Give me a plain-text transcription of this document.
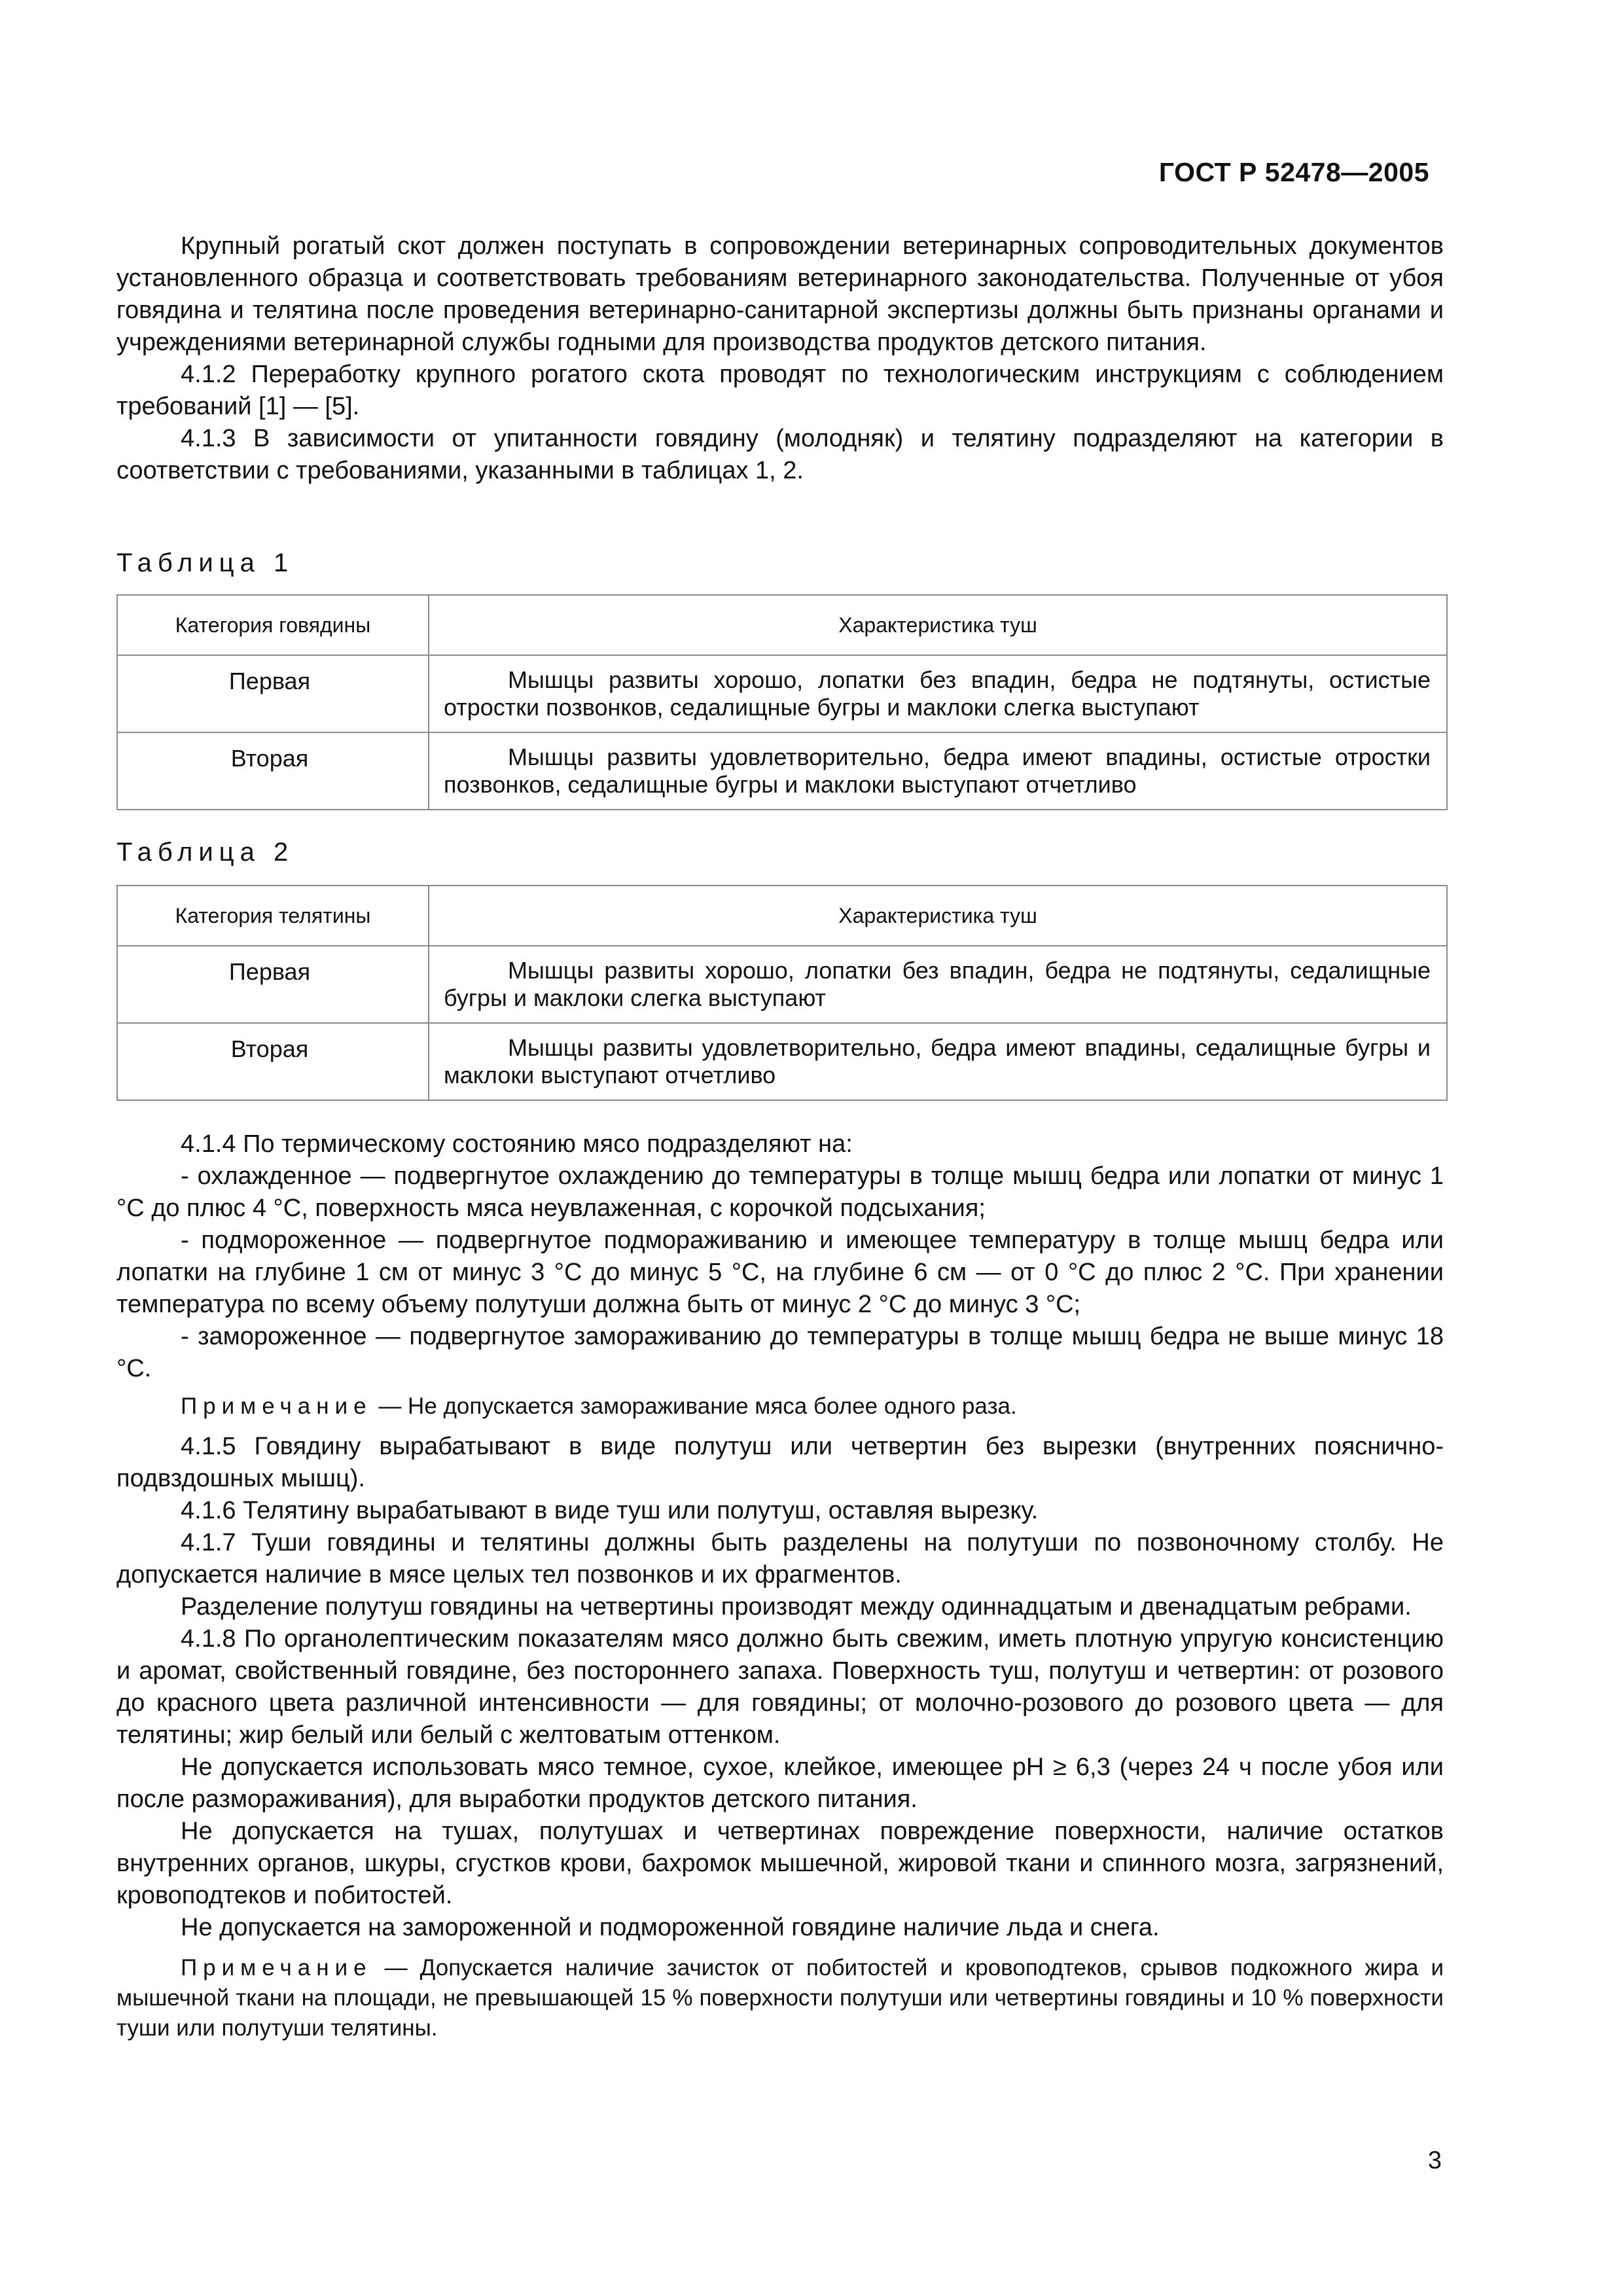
ГОСТ Р 52478—2005

Крупный рогатый скот должен поступать в сопровождении ветеринарных сопроводительных документов установленного образца и соответствовать требованиям ветеринарного законодательства. Полученные от убоя говядина и телятина после проведения ветеринарно-санитарной экспертизы должны быть признаны органами и учреждениями ветеринарной службы годными для производства продуктов детского питания.

4.1.2 Переработку крупного рогатого скота проводят по технологическим инструкциям с соблюдением требований [1] — [5].

4.1.3 В зависимости от упитанности говядину (молодняк) и телятину подразделяют на категории в соответствии с требованиями, указанными в таблицах 1, 2.

Таблица 1
Категория говядины	Характеристика туш
Первая	Мышцы развиты хорошо, лопатки без впадин, бедра не подтянуты, остистые отростки позвонков, седалищные бугры и маклоки слегка выступают
Вторая	Мышцы развиты удовлетворительно, бедра имеют впадины, остистые отростки позвонков, седалищные бугры и маклоки выступают отчетливо
Таблица 2
Категория телятины	Характеристика туш
Первая	Мышцы развиты хорошо, лопатки без впадин, бедра не подтянуты, седалищные бугры и маклоки слегка выступают
Вторая	Мышцы развиты удовлетворительно, бедра имеют впадины, седалищные бугры и маклоки выступают отчетливо

4.1.4 По термическому состоянию мясо подразделяют на:

- охлажденное — подвергнутое охлаждению до температуры в толще мышц бедра или лопатки от минус 1 °С до плюс 4 °С, поверхность мяса неувлаженная, с корочкой подсыхания;

- подмороженное — подвергнутое подмораживанию и имеющее температуру в толще мышц бедра или лопатки на глубине 1 см от минус 3 °С до минус 5 °С, на глубине 6 см — от 0 °С до плюс 2 °С. При хранении температура по всему объему полутуши должна быть от минус 2 °С до минус 3 °С;

- замороженное — подвергнутое замораживанию до температуры в толще мышц бедра не выше минус 18 °С.

Примечание — Не допускается замораживание мяса более одного раза.

4.1.5 Говядину вырабатывают в виде полутуш или четвертин без вырезки (внутренних пояснично-подвздошных мышц).

4.1.6 Телятину вырабатывают в виде туш или полутуш, оставляя вырезку.

4.1.7 Туши говядины и телятины должны быть разделены на полутуши по позвоночному столбу. Не допускается наличие в мясе целых тел позвонков и их фрагментов.

Разделение полутуш говядины на четвертины производят между одиннадцатым и двенадцатым ребрами.

4.1.8 По органолептическим показателям мясо должно быть свежим, иметь плотную упругую консистенцию и аромат, свойственный говядине, без постороннего запаха. Поверхность туш, полутуш и четвертин: от розового до красного цвета различной интенсивности — для говядины; от молочно-розового до розового цвета — для телятины; жир белый или белый с желтоватым оттенком.

Не допускается использовать мясо темное, сухое, клейкое, имеющее pH ≥ 6,3 (через 24 ч после убоя или после размораживания), для выработки продуктов детского питания.

Не допускается на тушах, полутушах и четвертинах повреждение поверхности, наличие остатков внутренних органов, шкуры, сгустков крови, бахромок мышечной, жировой ткани и спинного мозга, загрязнений, кровоподтеков и побитостей.

Не допускается на замороженной и подмороженной говядине наличие льда и снега.

Примечание — Допускается наличие зачисток от побитостей и кровоподтеков, срывов подкожного жира и мышечной ткани на площади, не превышающей 15 % поверхности полутуши или четвертины говядины и 10 % поверхности туши или полутуши телятины.

3
